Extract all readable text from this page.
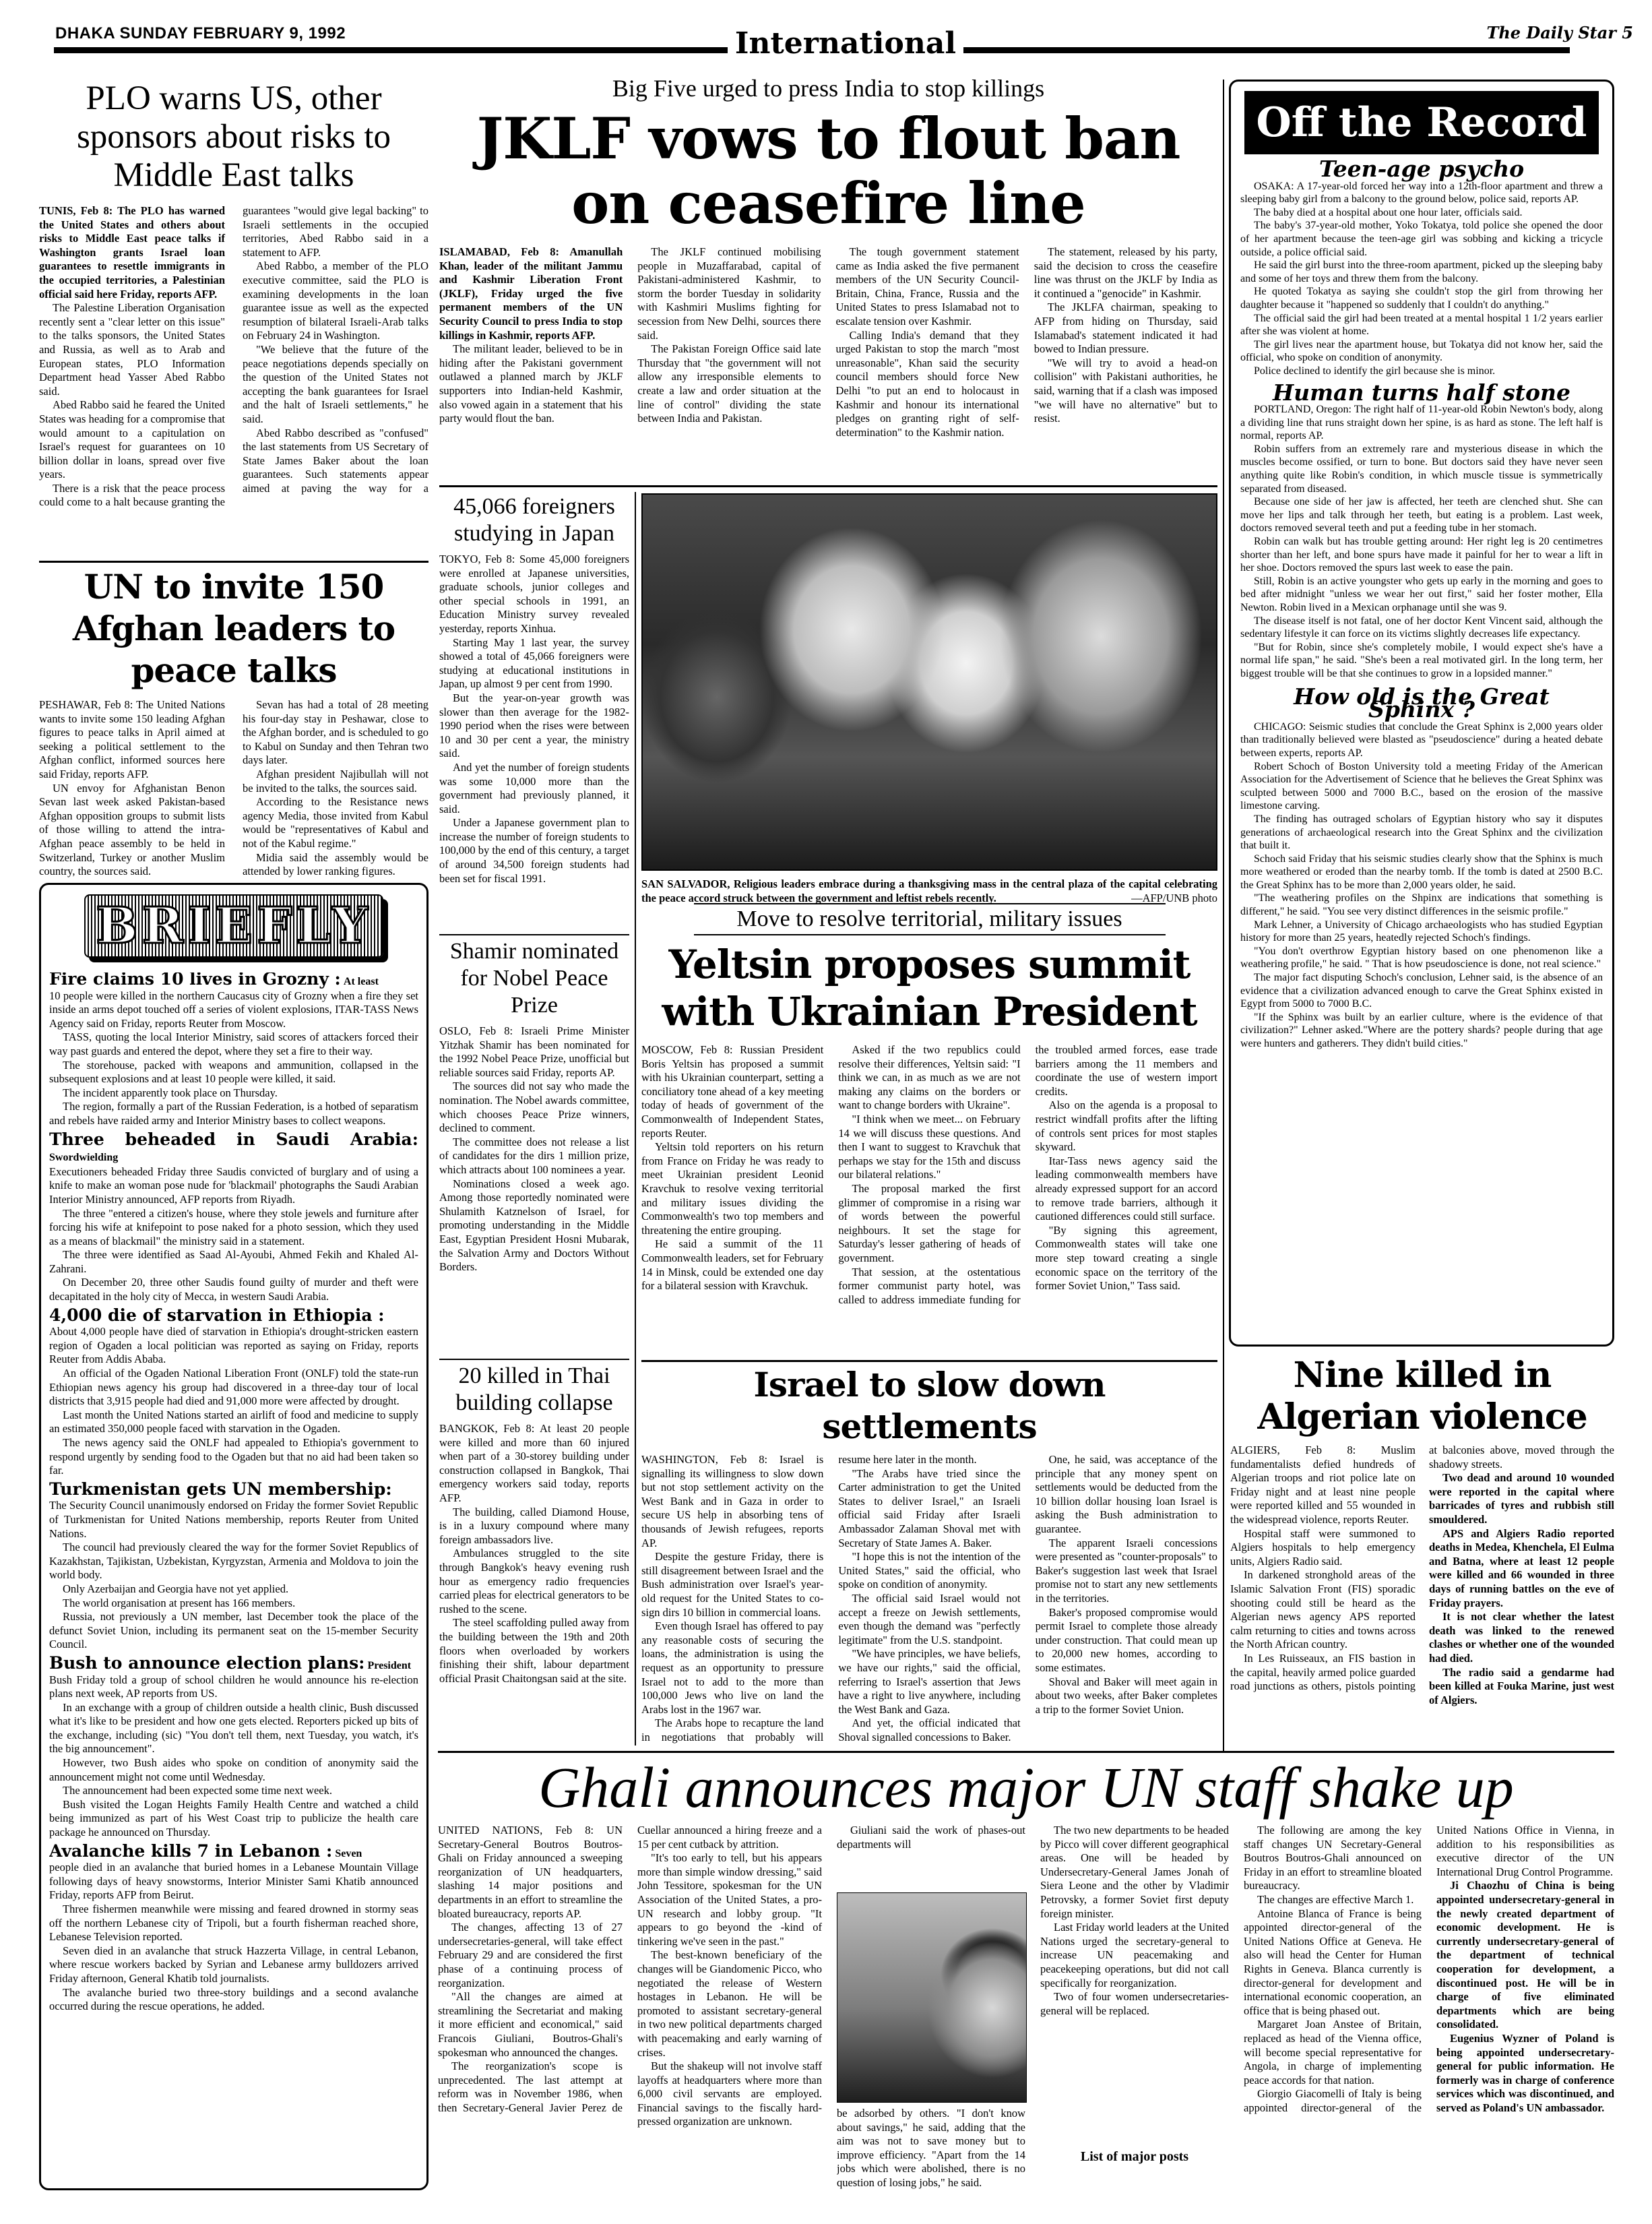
DHAKA SUNDAY FEBRUARY 9, 1992	International	The Daily Star 5
PLO warns US, other sponsors about risks to Middle East talks

TUNIS, Feb 8: The PLO has warned the United States and others about risks to Middle East peace talks if Washington grants Israel loan guarantees to resettle immigrants in the occupied territories, a Palestinian official said here Friday, reports AFP.

The Palestine Liberation Organisation recently sent a "clear letter on this issue" to the talks sponsors, the United States and Russia, as well as to Arab and European states, PLO Information Department head Yasser Abed Rabbo said.

Abed Rabbo said he feared the United States was heading for a compromise that would amount to a capitulation on Israel's request for guarantees on 10 billion dollar in loans, spread over five years.

There is a risk that the peace process could come to a halt because granting the guarantees "would give legal backing" to Israeli settlements in the occupied territories, Abed Rabbo said in a statement to AFP.

Abed Rabbo, a member of the PLO executive committee, said the PLO is examining developments in the loan guarantee issue as well as the expected resumption of bilateral Israeli-Arab talks on February 24 in Washington.

"We believe that the future of the peace negotiations depends specially on the question of the United States not accepting the bank guarantees for Israel and the halt of Israeli settlements," he said.

Abed Rabbo described as "confused" the last statements from US Secretary of State James Baker about the loan guarantees. Such statements appear aimed at paving the way for a

UN to invite 150 Afghan leaders to peace talks

PESHAWAR, Feb 8: The United Nations wants to invite some 150 leading Afghan figures to peace talks in April aimed at seeking a political settlement to the Afghan conflict, informed sources here said Friday, reports AFP.

UN envoy for Afghanistan Benon Sevan last week asked Pakistan-based Afghan opposition groups to submit lists of those willing to attend the intra-Afghan peace assembly to be held in Switzerland, Turkey or another Muslim country, the sources said.

Sevan has had a total of 28 meeting his four-day stay in Peshawar, close to the Afghan border, and is scheduled to go to Kabul on Sunday and then Tehran two days later.

Afghan president Najibullah will not be invited to the talks, the sources said.

According to the Resistance news agency Media, those invited from Kabul would be "representatives of Kabul and not of the Kabul regime."

Midia said the assembly would be attended by lower ranking figures.

BRIEFLY
Fire claims 10 lives in Grozny : At least

10 people were killed in the northern Caucasus city of Grozny when a fire they set inside an arms depot touched off a series of violent explosions, ITAR-TASS News Agency said on Friday, reports Reuter from Moscow.

TASS, quoting the local Interior Ministry, said scores of attackers forced their way past guards and entered the depot, where they set a fire to their way.

The storehouse, packed with weapons and ammunition, collapsed in the subsequent explosions and at least 10 people were killed, it said.

The incident apparently took place on Thursday.

The region, formally a part of the Russian Federation, is a hotbed of separatism and rebels have raided army and Interior Ministry bases to collect weapons.

Three beheaded in Saudi Arabia: Swordwielding

Executioners beheaded Friday three Saudis convicted of burglary and of using a knife to make an woman pose nude for 'blackmail' photographs the Saudi Arabian Interior Ministry announced, AFP reports from Riyadh.

The three "entered a citizen's house, where they stole jewels and furniture after forcing his wife at knifepoint to pose naked for a photo session, which they used as a means of blackmail" the ministry said in a statement.

The three were identified as Saad Al-Ayoubi, Ahmed Fekih and Khaled Al-Zahrani.

On December 20, three other Saudis found guilty of murder and theft were decapitated in the holy city of Mecca, in western Saudi Arabia.

4,000 die of starvation in Ethiopia :

About 4,000 people have died of starvation in Ethiopia's drought-stricken eastern region of Ogaden a local politician was reported as saying on Friday, reports Reuter from Addis Ababa.

An official of the Ogaden National Liberation Front (ONLF) told the state-run Ethiopian news agency his group had discovered in a three-day tour of local districts that 3,915 people had died and 91,000 more were affected by drought.

Last month the United Nations started an airlift of food and medicine to supply an estimated 350,000 people faced with starvation in the Ogaden.

The news agency said the ONLF had appealed to Ethiopia's government to respond urgently by sending food to the Ogaden but that no aid had been taken so far.

Turkmenistan gets UN membership:

The Security Council unanimously endorsed on Friday the former Soviet Republic of Turkmenistan for United Nations membership, reports Reuter from United Nations.

The council had previously cleared the way for the former Soviet Republics of Kazakhstan, Tajikistan, Uzbekistan, Kyrgyzstan, Armenia and Moldova to join the world body.

Only Azerbaijan and Georgia have not yet applied.

The world organisation at present has 166 members.

Russia, not previously a UN member, last December took the place of the defunct Soviet Union, including its permanent seat on the 15-member Security Council.

Bush to announce election plans: President

Bush Friday told a group of school children he would announce his re-election plans next week, AP reports from US.

In an exchange with a group of children outside a health clinic, Bush discussed what it's like to be president and how one gets elected. Reporters picked up bits of the exchange, including (sic) "You don't tell them, next Tuesday, you watch, it's the big announcement".

However, two Bush aides who spoke on condition of anonymity said the announcement might not come until Wednesday.

The announcement had been expected some time next week.

Bush visited the Logan Heights Family Health Centre and watched a child being immunized as part of his West Coast trip to publicize the health care package he announced on Thursday.

Avalanche kills 7 in Lebanon : Seven

people died in an avalanche that buried homes in a Lebanese Mountain Village following days of heavy snowstorms, Interior Minister Sami Khatib announced Friday, reports AFP from Beirut.

Three fishermen meanwhile were missing and feared drowned in stormy seas off the northern Lebanese city of Tripoli, but a fourth fisherman reached shore, Lebanese Television reported.

Seven died in an avalanche that struck Hazzerta Village, in central Lebanon, where rescue workers backed by Syrian and Lebanese army bulldozers arrived Friday afternoon, General Khatib told journalists.

The avalanche buried two three-story buildings and a second avalanche occurred during the rescue operations, he added.

Big Five urged to press India to stop killings
JKLF vows to flout ban on ceasefire line

ISLAMABAD, Feb 8: Amanullah Khan, leader of the militant Jammu and Kashmir Liberation Front (JKLF), Friday urged the five permanent members of the UN Security Council to press India to stop killings in Kashmir, reports AFP.

The militant leader, believed to be in hiding after the Pakistani government outlawed a planned march by JKLF supporters into Indian-held Kashmir, also vowed again in a statement that his party would flout the ban.

The JKLF continued mobilising people in Muzaffarabad, capital of Pakistani-administered Kashmir, to storm the border Tuesday in solidarity with Kashmiri Muslims fighting for secession from New Delhi, sources there said.

The Pakistan Foreign Office said late Thursday that "the government will not allow any irresponsible elements to create a law and order situation at the line of control" dividing the state between India and Pakistan.

The tough government statement came as India asked the five permanent members of the UN Security Council-Britain, China, France, Russia and the United States to press Islamabad not to escalate tension over Kashmir.

Calling India's demand that they urged Pakistan to stop the march "most unreasonable", Khan said the security council members should force New Delhi "to put an end to holocaust in Kashmir and honour its international pledges on granting right of self-determination" to the Kashmir nation.

The statement, released by his party, said the decision to cross the ceasefire line was thrust on the JKLF by India as it continued a "genocide" in Kashmir.

The JKLFA chairman, speaking to AFP from hiding on Thursday, said Islamabad's statement indicated it had bowed to Indian pressure.

"We will try to avoid a head-on collision" with Pakistani authorities, he said, warning that if a clash was imposed "we will have no alternative" but to resist.

45,066 foreigners studying in Japan

TOKYO, Feb 8: Some 45,000 foreigners were enrolled at Japanese universities, graduate schools, junior colleges and other special schools in 1991, an Education Ministry survey revealed yesterday, reports Xinhua.

Starting May 1 last year, the survey showed a total of 45,066 foreigners were studying at educational institutions in Japan, up almost 9 per cent from 1990.

But the year-on-year growth was slower than then average for the 1982-1990 period when the rises were between 10 and 30 per cent a year, the ministry said.

And yet the number of foreign students was some 10,000 more than the government had previously planned, it said.

Under a Japanese government plan to increase the number of foreign students to 100,000 by the end of this century, a target of around 34,500 foreign students had been set for fiscal 1991.

Shamir nominated for Nobel Peace Prize

OSLO, Feb 8: Israeli Prime Minister Yitzhak Shamir has been nominated for the 1992 Nobel Peace Prize, unofficial but reliable sources said Friday, reports AP.

The sources did not say who made the nomination. The Nobel awards committee, which chooses Peace Prize winners, declined to comment.

The committee does not release a list of candidates for the dirs 1 million prize, which attracts about 100 nominees a year.

Nominations closed a week ago. Among those reportedly nominated were Shulamith Katznelson of Israel, for promoting understanding in the Middle East, Egyptian President Hosni Mubarak, the Salvation Army and Doctors Without Borders.

20 killed in Thai building collapse

BANGKOK, Feb 8: At least 20 people were killed and more than 60 injured when part of a 30-storey building under construction collapsed in Bangkok, Thai emergency workers said today, reports AFP.

The building, called Diamond House, is in a luxury compound where many foreign ambassadors live.

Ambulances struggled to the site through Bangkok's heavy evening rush hour as emergency radio frequencies carried pleas for electrical generators to be rushed to the scene.

The steel scaffolding pulled away from the building between the 19th and 20th floors when overloaded by workers finishing their shift, labour department official Prasit Chaitongsan said at the site.

SAN SALVADOR, Religious leaders embrace during a thanksgiving mass in the central plaza of the capital celebrating the peace accord struck between the government and leftist rebels recently.	—AFP/UNB photo
Move to resolve territorial, military issues
Yeltsin proposes summit with Ukrainian President

MOSCOW, Feb 8: Russian President Boris Yeltsin has proposed a summit with his Ukrainian counterpart, setting a conciliatory tone ahead of a key meeting today of heads of government of the Commonwealth of Independent States, reports Reuter.

Yeltsin told reporters on his return from France on Friday he was ready to meet Ukrainian president Leonid Kravchuk to resolve vexing territorial and military issues dividing the Commonwealth's two top members and threatening the entire grouping.

He said a summit of the 11 Commonwealth leaders, set for February 14 in Minsk, could be extended one day for a bilateral session with Kravchuk.

Asked if the two republics could resolve their differences, Yeltsin said: "I think we can, in as much as we are not making any claims on the borders or want to change borders with Ukraine".

"I think when we meet... on February 14 we will discuss these questions. And then I want to suggest to Kravchuk that perhaps we stay for the 15th and discuss our bilateral relations."

The proposal marked the first glimmer of compromise in a rising war of words between the powerful neighbours. It set the stage for Saturday's lesser gathering of heads of government.

That session, at the ostentatious former communist party hotel, was called to address immediate funding for the troubled armed forces, ease trade barriers among the 11 members and coordinate the use of western import credits.

Also on the agenda is a proposal to restrict windfall profits after the lifting of controls sent prices for most staples skyward.

Itar-Tass news agency said the leading commonwealth members have already expressed support for an accord to remove trade barriers, although it cautioned differences could still surface.

"By signing this agreement, Commonwealth states will take one more step toward creating a single economic space on the territory of the former Soviet Union," Tass said.

Israel to slow down settlements

WASHINGTON, Feb 8: Israel is signalling its willingness to slow down but not stop settlement activity on the West Bank and in Gaza in order to secure US help in absorbing tens of thousands of Jewish refugees, reports AP.

Despite the gesture Friday, there is still disagreement between Israel and the Bush administration over Israel's year-old request for the United States to co-sign dirs 10 billion in commercial loans.

Even though Israel has offered to pay any reasonable costs of securing the loans, the administration is using the request as an opportunity to pressure Israel not to add to the more than 100,000 Jews who live on land the Arabs lost in the 1967 war.

The Arabs hope to recapture the land in negotiations that probably will resume here later in the month.

"The Arabs have tried since the Carter administration to get the United States to deliver Israel," an Israeli official said Friday after Israeli Ambassador Zalaman Shoval met with Secretary of State James A. Baker.

"I hope this is not the intention of the United States," said the official, who spoke on condition of anonymity.

The official said Israel would not accept a freeze on Jewish settlements, even though the demand was "perfectly legitimate" from the U.S. standpoint.

"We have principles, we have beliefs, we have our rights," said the official, referring to Israel's assertion that Jews have a right to live anywhere, including the West Bank and Gaza.

And yet, the official indicated that Shoval signalled concessions to Baker.

One, he said, was acceptance of the principle that any money spent on settlements would be deducted from the 10 billion dollar housing loan Israel is asking the Bush administration to guarantee.

The apparent Israeli concessions were presented as "counter-proposals" to Baker's suggestion last week that Israel promise not to start any new settlements in the territories.

Baker's proposed compromise would permit Israel to complete those already under construction. That could mean up to 20,000 new homes, according to some estimates.

Shoval and Baker will meet again in about two weeks, after Baker completes a trip to the former Soviet Union.

Off the Record
Teen-age psycho

OSAKA: A 17-year-old forced her way into a 12th-floor apartment and threw a sleeping baby girl from a balcony to the ground below, police said, reports AP.

The baby died at a hospital about one hour later, officials said.

The baby's 37-year-old mother, Yoko Tokatya, told police she opened the door of her apartment because the teen-age girl was sobbing and kicking a tricycle outside, a police official said.

He said the girl burst into the three-room apartment, picked up the sleeping baby and some of her toys and threw them from the balcony.

He quoted Tokatya as saying she couldn't stop the girl from throwing her daughter because it "happened so suddenly that I couldn't do anything."

The official said the girl had been treated at a mental hospital 1 1/2 years earlier after she was violent at home.

The girl lives near the apartment house, but Tokatya did not know her, said the official, who spoke on condition of anonymity.

Police declined to identify the girl because she is minor.

Human turns half stone

PORTLAND, Oregon: The right half of 11-year-old Robin Newton's body, along a dividing line that runs straight down her spine, is as hard as stone. The left half is normal, reports AP.

Robin suffers from an extremely rare and mysterious disease in which the muscles become ossified, or turn to bone. But doctors said they have never seen anything quite like Robin's condition, in which muscle tissue is symmetrically separated from diseased.

Because one side of her jaw is affected, her teeth are clenched shut. She can move her lips and talk through her teeth, but eating is a problem. Last week, doctors removed several teeth and put a feeding tube in her stomach.

Robin can walk but has trouble getting around: Her right leg is 20 centimetres shorter than her left, and bone spurs have made it painful for her to wear a lift in her shoe. Doctors removed the spurs last week to ease the pain.

Still, Robin is an active youngster who gets up early in the morning and goes to bed after midnight "unless we wear her out first," said her foster mother, Ella Newton. Robin lived in a Mexican orphanage until she was 9.

The disease itself is not fatal, one of her doctor Kent Vincent said, although the sedentary lifestyle it can force on its victims slightly decreases life expectancy.

"But for Robin, since she's completely mobile, I would expect she's have a normal life span," he said. "She's been a real motivated girl. In the long term, her biggest trouble will be that she continues to grow in a lopsided manner."

How old is the Great Sphinx ?

CHICAGO: Seismic studies that conclude the Great Sphinx is 2,000 years older than traditionally believed were blasted as "pseudoscience" during a heated debate between experts, reports AP.

Robert Schoch of Boston University told a meeting Friday of the American Association for the Advertisement of Science that he believes the Great Sphinx was sculpted between 5000 and 7000 B.C., based on the erosion of the massive limestone carving.

The finding has outraged scholars of Egyptian history who say it disputes generations of archaeological research into the Great Sphinx and the civilization that built it.

Schoch said Friday that his seismic studies clearly show that the Sphinx is much more weathered or eroded than the nearby tomb. If the tomb is dated at 2500 B.C. the Great Sphinx has to be more than 2,000 years older, he said.

"The weathering profiles on the Shpinx are indications that something is different," he said. "You see very distinct differences in the seismic profile."

Mark Lehner, a University of Chicago archaeologists who has studied Egyptian history for more than 25 years, heatedly rejected Schoch's findings.

"You don't overthrow Egyptian history based on one phenomenon like a weathering profile," he said. " That is how pseudoscience is done, not real science."

The major fact disputing Schoch's conclusion, Lehner said, is the absence of an evidence that a civilization advanced enough to carve the Great Sphinx existed in Egypt from 5000 to 7000 B.C.

"If the Sphinx was built by an earlier culture, where is the evidence of that civilization?" Lehner asked."Where are the pottery shards? people during that age were hunters and gatherers. They didn't build cities."

Nine killed in Algerian violence

ALGIERS, Feb 8: Muslim fundamentalists defied hundreds of Algerian troops and riot police late on Friday night and at least nine people were reported killed and 55 wounded in the widespread violence, reports Reuter.

Hospital staff were summoned to Algiers hospitals to help emergency units, Algiers Radio said.

In darkened stronghold areas of the Islamic Salvation Front (FIS) sporadic shooting could still be heard as the Algerian news agency APS reported calm returning to cities and towns across the North African country.

In Les Ruisseaux, an FIS bastion in the capital, heavily armed police guarded road junctions as others, pistols pointing at balconies above, moved through the shadowy streets.

Two dead and around 10 wounded were reported in the capital where barricades of tyres and rubbish still smouldered.

APS and Algiers Radio reported deaths in Medea, Khenchela, El Eulma and Batna, where at least 12 people were killed and 66 wounded in three days of running battles on the eve of Friday prayers.

It is not clear whether the latest death was linked to the renewed clashes or whether one of the wounded had died.

The radio said a gendarme had been killed at Fouka Marine, just west of Algiers.

Ghali announces major UN staff shake up

UNITED NATIONS, Feb 8: UN Secretary-General Boutros Boutros-Ghali on Friday announced a sweeping reorganization of UN headquarters, slashing 14 major positions and departments in an effort to streamline the bloated bureaucracy, reports AP.

The changes, affecting 13 of 27 undersecretaries-general, will take effect February 29 and are considered the first phase of a continuing process of reorganization.

"All the changes are aimed at streamlining the Secretariat and making it more efficient and economical," said Francois Giuliani, Boutros-Ghali's spokesman who announced the changes.

The reorganization's scope is unprecedented. The last attempt at reform was in November 1986, when then Secretary-General Javier Perez de Cuellar announced a hiring freeze and a 15 per cent cutback by attrition.

"It's too early to tell, but his appears more than simple window dressing," said John Tessitore, spokesman for the UN Association of the United States, a pro-UN research and lobby group. "It appears to go beyond the -kind of tinkering we've seen in the past."

The best-known beneficiary of the changes will be Giandomenic Picco, who negotiated the release of Western hostages in Lebanon. He will be promoted to assistant secretary-general in two new political departments charged with peacemaking and early warning of crises.

But the shakeup will not involve staff layoffs at headquarters where more than 6,000 civil servants are employed. Financial savings to the fiscally hard-pressed organization are unknown.

Giuliani said the work of phases-out departments will

be adsorbed by others. "I don't know about savings," he said, adding that the aim was not to save money but to improve efficiency. "Apart from the 14 jobs which were abolished, there is no question of losing jobs," he said.

The two new departments to be headed by Picco will cover different geographical areas. One will be headed by Undersecretary-General James Jonah of Siera Leone and the other by Vladimir Petrovsky, a former Soviet first deputy foreign minister.

Last Friday world leaders at the United Nations urged the secretary-general to increase UN peacemaking and peacekeeping operations, but did not call specifically for reorganization.

Two of four women undersecretaries-general will be replaced.

List of major posts

The following are among the key staff changes UN Secretary-General Boutros Boutros-Ghali announced on Friday in an effort to streamline bloated bureaucracy.

The changes are effective March 1.

Antoine Blanca of France is being appointed director-general of the United Nations Office at Geneva. He also will head the Center for Human Rights in Geneva. Blanca currently is director-general for development and international economic cooperation, an office that is being phased out.

Margaret Joan Anstee of Britain, replaced as head of the Vienna office, will become special representative for Angola, in charge of implementing peace accords for that nation.

Giorgio Giacomelli of Italy is being appointed director-general of the United Nations Office in Vienna, in addition to his responsibilities as executive director of the UN International Drug Control Programme.

Ji Chaozhu of China is being appointed undersecretary-general in the newly created department of economic development. He is currently undersecretary-general of the department of technical cooperation for development, a discontinued post. He will be in charge of five eliminated departments which are being consolidated.

Eugenius Wyzner of Poland is being appointed undersecretary-general for public information. He formerly was in charge of conference services which was discontinued, and served as Poland's UN ambassador.
